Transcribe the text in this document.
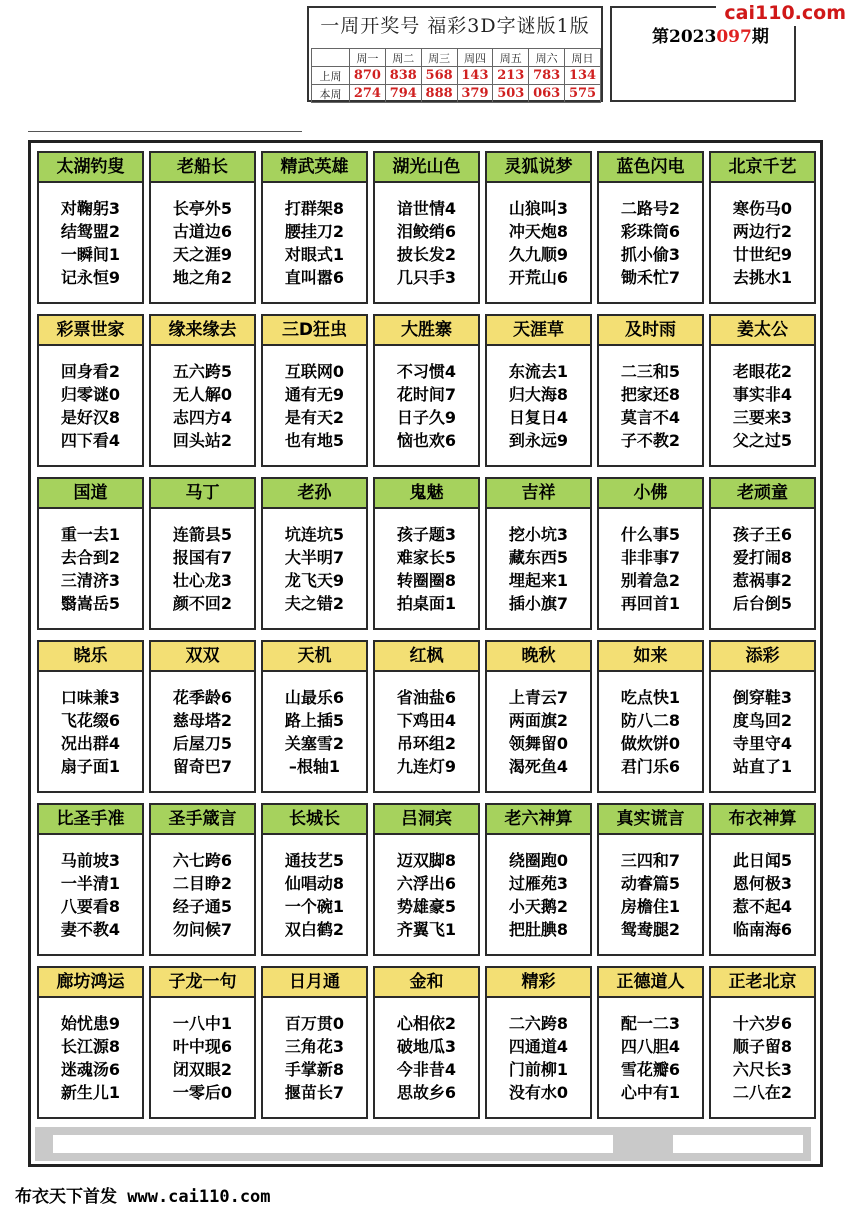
一周开奖号 福彩3D字谜版1版
	周一	周二	周三	周四	周五	周六	周日
上周	870	838	568	143	213	783	134
本周	274	794	888	379	503	063	575
第2023097期
cai110.com
太湖钓叟
对鞠躬3
结鸳盟2
一瞬间1
记永恒9
老船长
长亭外5
古道边6
天之涯9
地之角2
精武英雄
打群架8
腰挂刀2
对眼式1
直叫嚣6
湖光山色
谙世情4
泪鲛绡6
披长发2
几只手3
灵狐说梦
山狼叫3
冲天炮8
久九顺9
开荒山6
蓝色闪电
二路号2
彩珠筒6
抓小偷3
锄禾忙7
北京千艺
寒伤马0
两边行2
廿世纪9
去挑水1
彩票世家
回身看2
归零谜0
是好汉8
四下看4
缘来缘去
五六跨5
无人解0
志四方4
回头站2
三D狂虫
互联网0
通有无9
是有天2
也有地5
大胜寨
不习惯4
花时间7
日子久9
恼也欢6
天涯草
东流去1
归大海8
日复日4
到永远9
及时雨
二三和5
把家还8
莫言不4
子不教2
姜太公
老眼花2
事实非4
三要来3
父之过5
国道
重一去1
去合到2
三清济3
翳嵩岳5
马丁
连箭县5
报国有7
壮心龙3
颜不回2
老孙
坑连坑5
大半明7
龙飞天9
夫之错2
鬼魅
孩子题3
难家长5
转圈圈8
拍桌面1
吉祥
挖小坑3
藏东西5
埋起来1
插小旗7
小佛
什么事5
非非事7
别着急2
再回首1
老顽童
孩子王6
爱打闹8
惹祸事2
后台倒5
晓乐
口味兼3
飞花缀6
况出群4
扇子面1
双双
花季龄6
慈母塔2
后屋刀5
留奇巴7
天机
山最乐6
路上插5
关塞雪2
–根轴1
红枫
省油盐6
下鸡田4
吊环组2
九连灯9
晚秋
上青云7
两面旗2
领舞留0
渴死鱼4
如来
吃点快1
防八二8
做炊饼0
君门乐6
添彩
倒穿鞋3
度鸟回2
寺里守4
站直了1
比圣手准
马前坡3
一半清1
八要看8
妻不教4
圣手箴言
六七跨6
二目睁2
经子通5
勿问候7
长城长
通技艺5
仙唱动8
一个碗1
双白鹤2
吕洞宾
迈双脚8
六浮出6
势雄豪5
齐翼飞1
老六神算
绕圈跑0
过雁苑3
小天鹅2
把肚腆8
真实谎言
三四和7
动睿篇5
房檐住1
鸳鸯腿2
布衣神算
此日闻5
恩何极3
惹不起4
临南海6
廊坊鸿运
始忧患9
长江源8
迷魂汤6
新生儿1
子龙一句
一八中1
叶中现6
闭双眼2
一零后0
日月通
百万贯0
三角花3
手掌新8
揠苗长7
金和
心相依2
破地瓜3
今非昔4
思故乡6
精彩
二六跨8
四通道4
门前柳1
没有水0
正德道人
配一二3
四八胆4
雪花瓣6
心中有1
正老北京
十六岁6
顺子留8
六尺长3
二八在2
布衣天下首发 www.cai110.com
